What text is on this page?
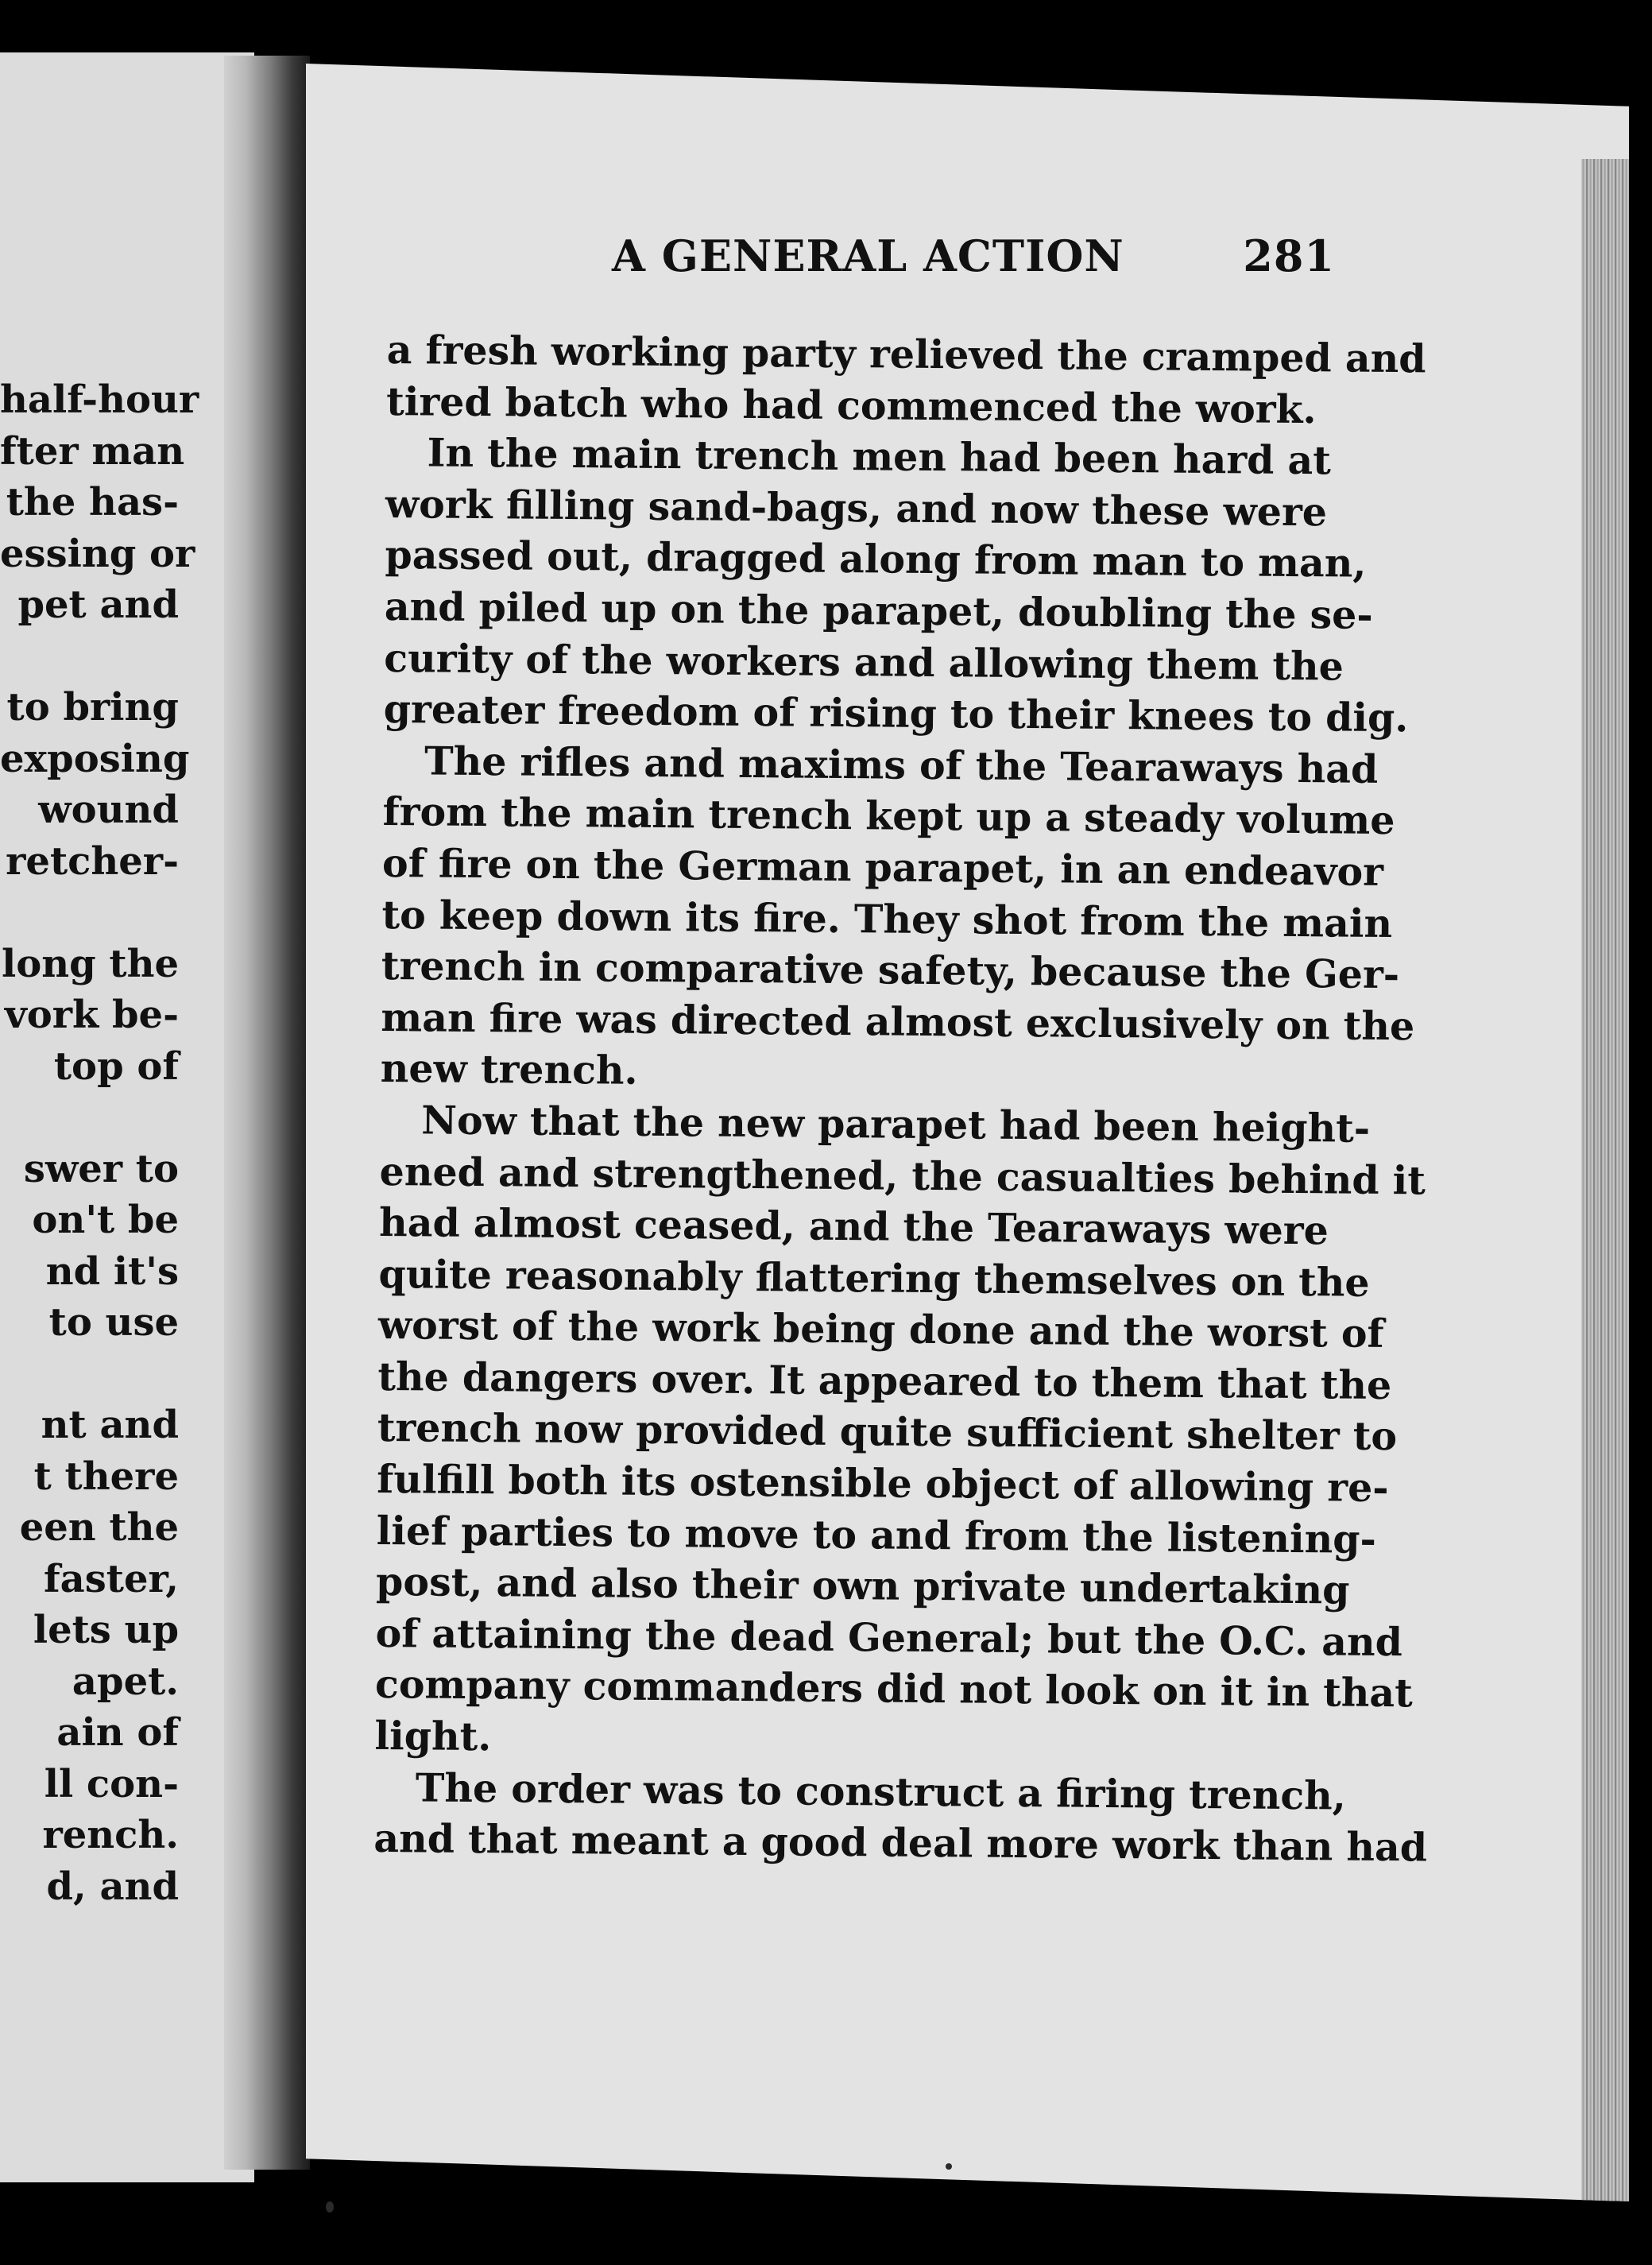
half-hour
fter man
the has-
essing or
pet and
to bring
exposing
wound
retcher-
long the
vork be-
top of
swer to
on't be
nd it's
to use
nt and
t there
een the
faster,
lets up
apet.
ain of
ll con-
rench.
d, and
A GENERAL ACTION	281
a fresh working party relieved the cramped and
tired batch who had commenced the work.
In the main trench men had been hard at
work filling sand-bags, and now these were
passed out, dragged along from man to man,
and piled up on the parapet, doubling the se-
curity of the workers and allowing them the
greater freedom of rising to their knees to dig.
The rifles and maxims of the Tearaways had
from the main trench kept up a steady volume
of fire on the German parapet, in an endeavor
to keep down its fire. They shot from the main
trench in comparative safety, because the Ger-
man fire was directed almost exclusively on the
new trench.
Now that the new parapet had been height-
ened and strengthened, the casualties behind it
had almost ceased, and the Tearaways were
quite reasonably flattering themselves on the
worst of the work being done and the worst of
the dangers over. It appeared to them that the
trench now provided quite sufficient shelter to
fulfill both its ostensible object of allowing re-
lief parties to move to and from the listening-
post, and also their own private undertaking
of attaining the dead General; but the O.C. and
company commanders did not look on it in that
light.
The order was to construct a firing trench,
and that meant a good deal more work than had
